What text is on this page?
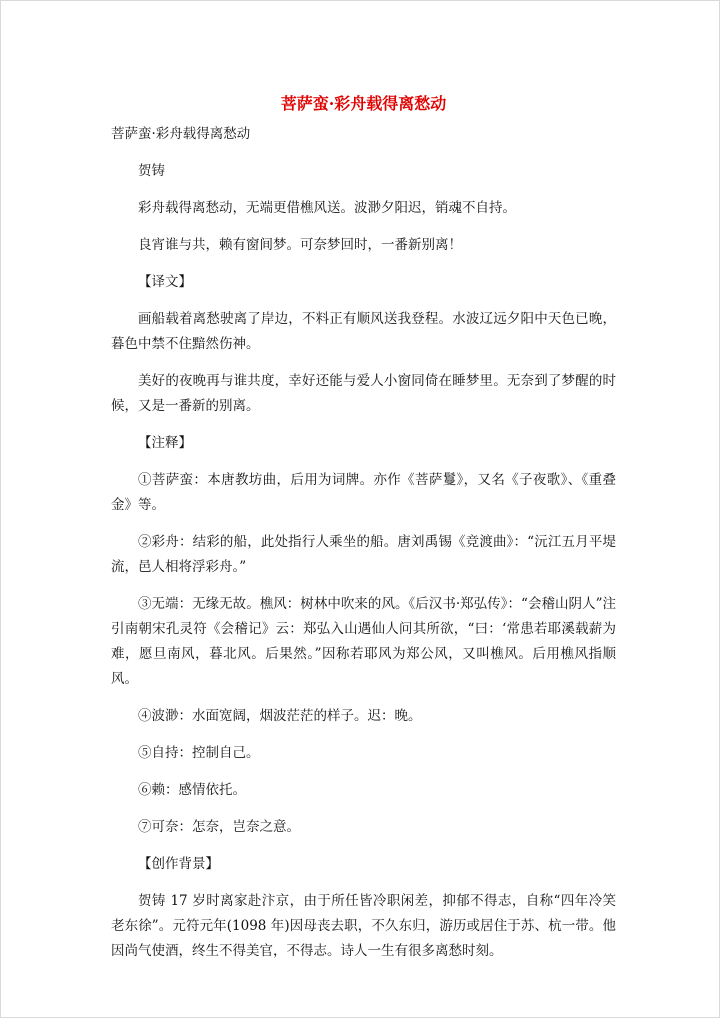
菩萨蛮·彩舟载得离愁动

菩萨蛮·彩舟载得离愁动

贺铸

彩舟载得离愁动，无端更借樵风送。波渺夕阳迟，销魂不自持。

良宵谁与共，赖有窗间梦。可奈梦回时，一番新别离！

【译文】

画船载着离愁驶离了岸边，不料正有顺风送我登程。水波辽远夕阳中天色已晚，暮色中禁不住黯然伤神。

美好的夜晚再与谁共度，幸好还能与爱人小窗同倚在睡梦里。无奈到了梦醒的时候，又是一番新的别离。

【注释】

①菩萨蛮：本唐教坊曲，后用为词牌。亦作《菩萨鬘》，又名《子夜歌》、《重叠金》等。

②彩舟：结彩的船，此处指行人乘坐的船。唐刘禹锡《竞渡曲》：“沅江五月平堤流，邑人相将浮彩舟。”

③无端：无缘无故。樵风：树林中吹来的风。《后汉书·郑弘传》：“会稽山阴人”注引南朝宋孔灵符《会稽记》云：郑弘入山遇仙人问其所欲，“曰：‘常患若耶溪载薪为难，愿旦南风，暮北风。后果然。”因称若耶风为郑公风，又叫樵风。后用樵风指顺风。

④波渺：水面宽阔，烟波茫茫的样子。迟：晚。

⑤自持：控制自己。

⑥赖：感情依托。

⑦可奈：怎奈，岂奈之意。

【创作背景】

贺铸 17 岁时离家赴汴京，由于所任皆冷职闲差，抑郁不得志，自称“四年冷笑老东徐”。元符元年(1098 年)因母丧去职，不久东归，游历或居住于苏、杭一带。他因尚气使酒，终生不得美官，不得志。诗人一生有很多离愁时刻。
